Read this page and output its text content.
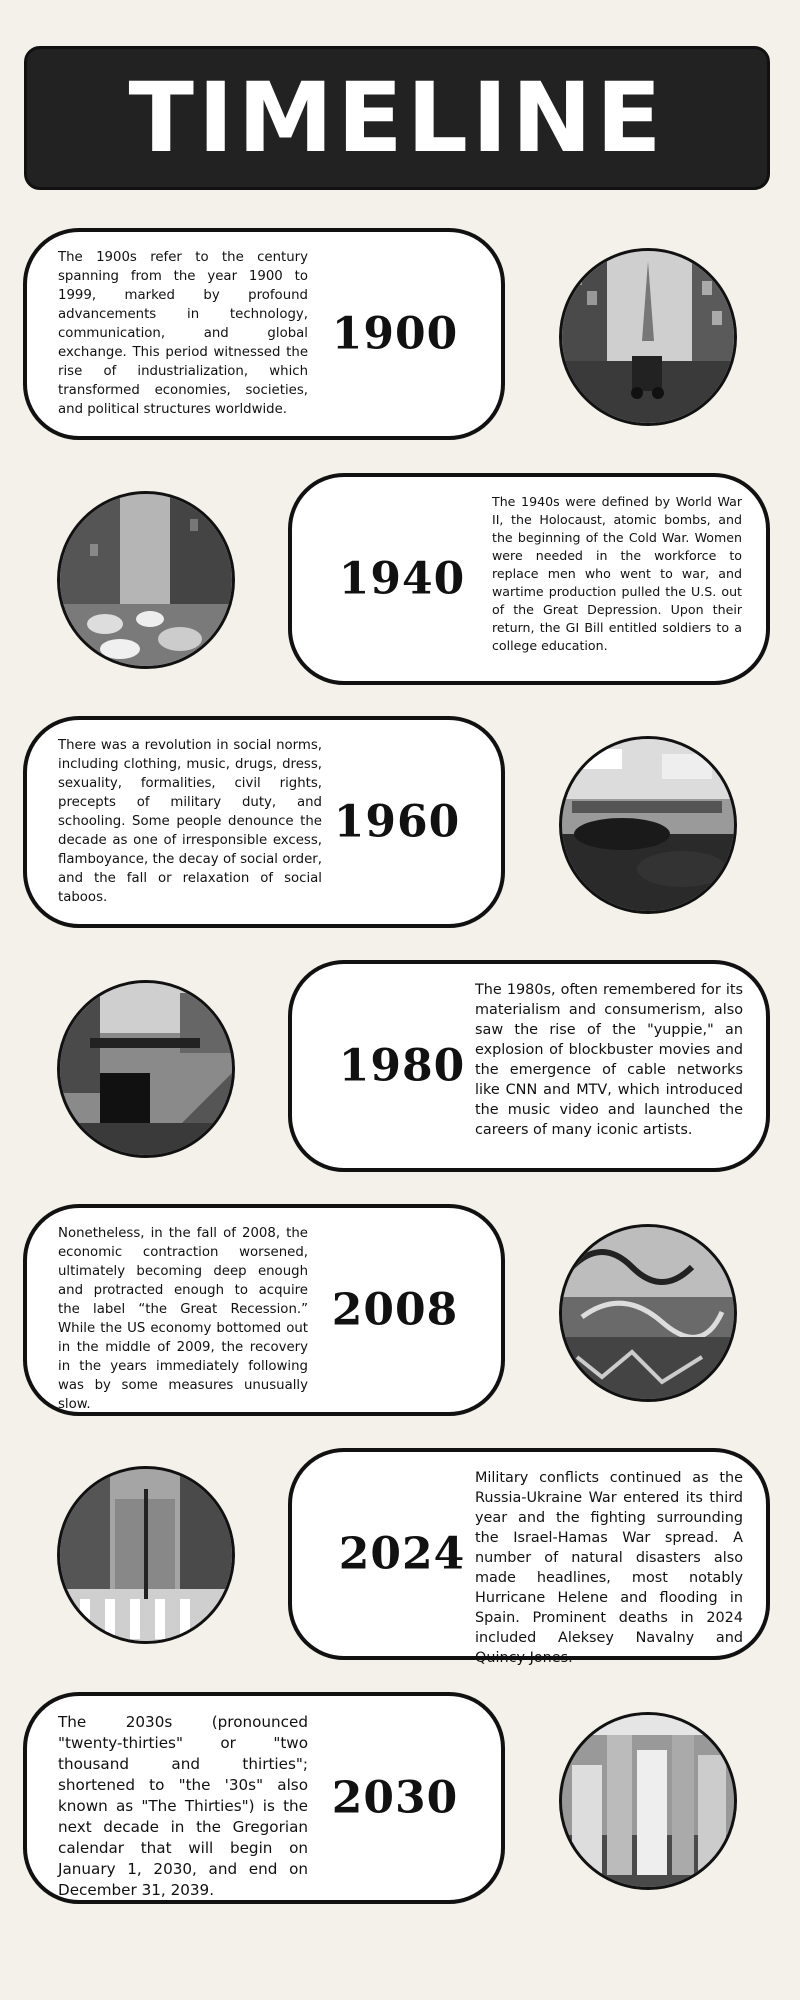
TIMELINE
The 1900s refer to the century spanning from the year 1900 to 1999, marked by profound advancements in technology, communication, and global exchange. This period witnessed the rise of industrialization, which transformed economies, societies, and political structures worldwide.
1900
The 1940s were defined by World War II, the Holocaust, atomic bombs, and the beginning of the Cold War. Women were needed in the workforce to replace men who went to war, and wartime production pulled the U.S. out of the Great Depression. Upon their return, the GI Bill entitled soldiers to a college education.
1940
There was a revolution in social norms, including clothing, music, drugs, dress, sexuality, formalities, civil rights, precepts of military duty, and schooling. Some people denounce the decade as one of irresponsible excess, flamboyance, the decay of social order, and the fall or relaxation of social taboos.
1960
The 1980s, often remembered for its materialism and consumerism, also saw the rise of the "yuppie," an explosion of blockbuster movies and the emergence of cable networks like CNN and MTV, which introduced the music video and launched the careers of many iconic artists.
1980
Nonetheless, in the fall of 2008, the economic contraction worsened, ultimately becoming deep enough and protracted enough to acquire the label “the Great Recession.” While the US economy bottomed out in the middle of 2009, the recovery in the years immediately following was by some measures unusually slow.
2008
Military conflicts continued as the Russia-Ukraine War entered its third year and the fighting surrounding the Israel-Hamas War spread. A number of natural disasters also made headlines, most notably Hurricane Helene and flooding in Spain. Prominent deaths in 2024 included Aleksey Navalny and Quincy Jones.
2024
The 2030s (pronounced "twenty-thirties" or "two thousand and thirties"; shortened to "the '30s" also known as "The Thirties") is the next decade in the Gregorian calendar that will begin on January 1, 2030, and end on December 31, 2039.
2030
